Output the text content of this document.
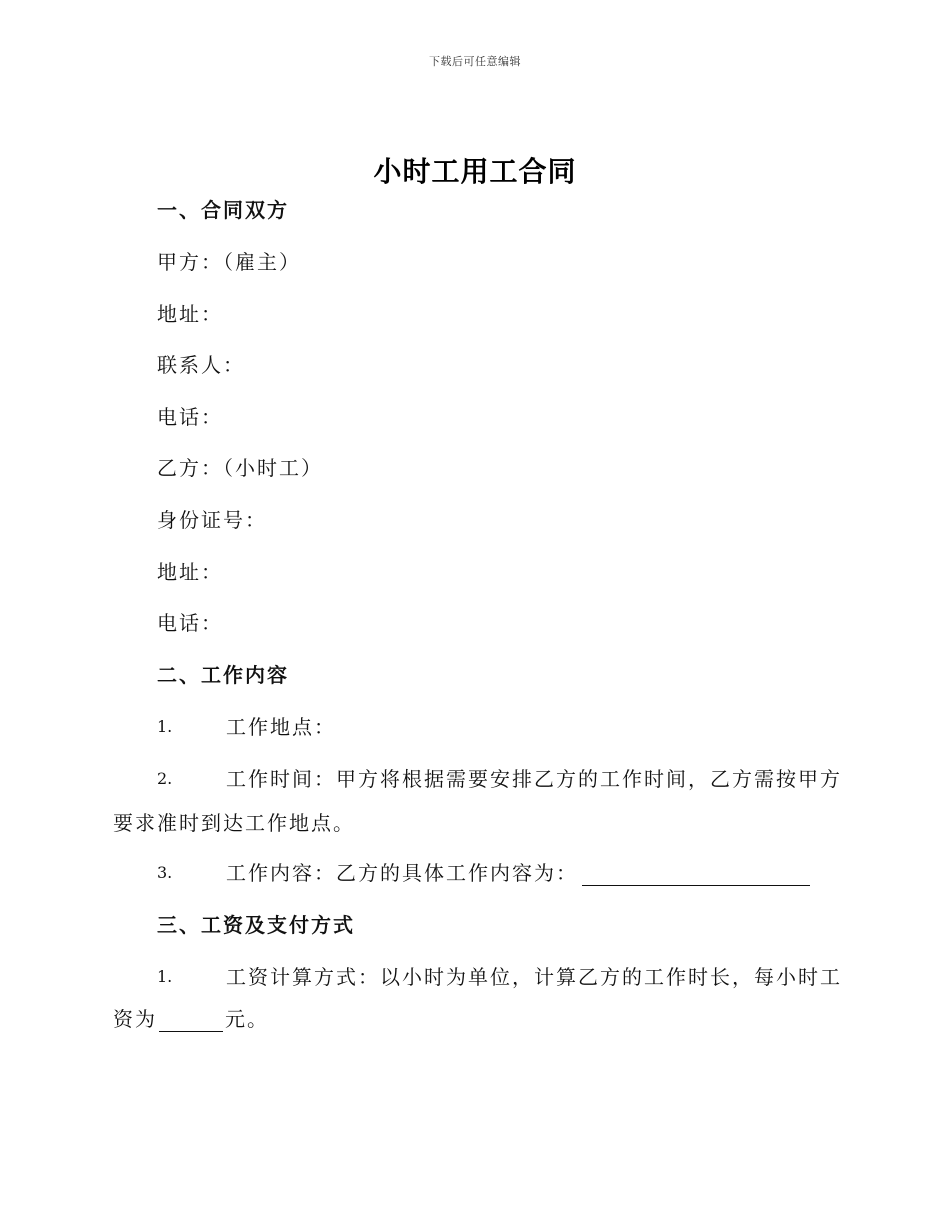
下载后可任意编辑
小时工用工合同
一、合同双方
甲方：（雇主）
地址：
联系人：
电话：
乙方：（小时工）
身份证号：
地址：
电话：
二、工作内容
1.	工作地点：
2.	工作时间：甲方将根据需要安排乙方的工作时间，乙方需按甲方
要求准时到达工作地点。
3.	工作内容：乙方的具体工作内容为：
三、工资及支付方式
1.	工资计算方式：以小时为单位，计算乙方的工作时长，每小时工
资为	元。
